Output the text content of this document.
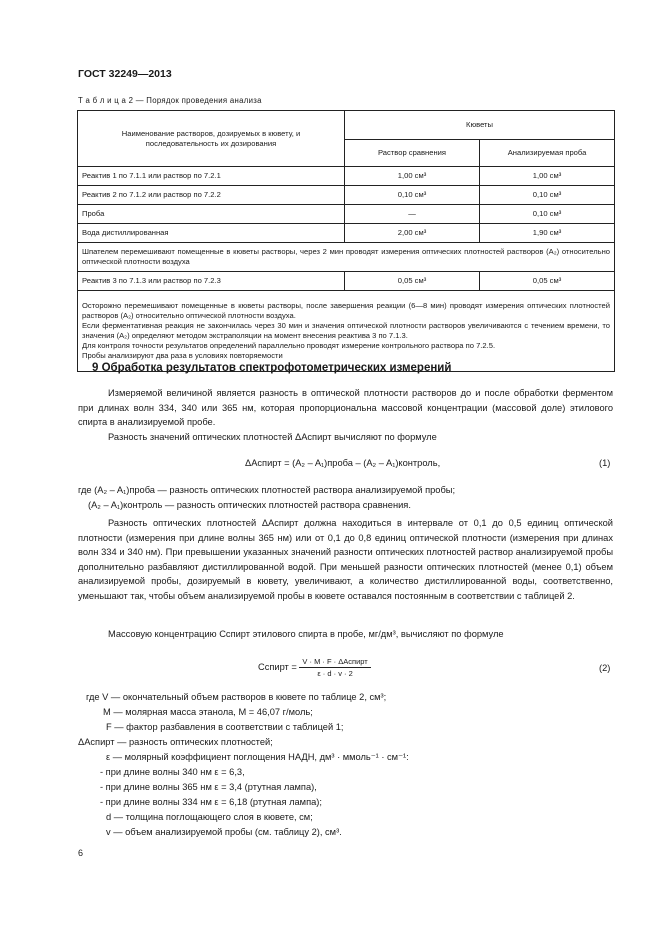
ГОСТ 32249—2013
Т а б л и ц а 2 — Порядок проведения анализа
Наименование растворов, дозируемых в кювету, и последовательность их дозирования	Кюветы	
	Раствор сравнения	Анализируемая проба
Реактив 1 по 7.1.1 или раствор по 7.2.1	1,00 см³	1,00 см³
Реактив 2 по 7.1.2 или раствор по 7.2.2	0,10 см³	0,10 см³
Проба	—	0,10 см³
Вода дистиллированная	2,00 см³	1,90 см³
Шпателем перемешивают помещенные в кюветы растворы, через 2 мин проводят измерения оптических плотностей растворов (A₂) относительно оптической плотности воздуха		
Реактив 3 по 7.1.3 или раствор по 7.2.3	0,05 см³	0,05 см³

Осторожно перемешивают помещенные в кюветы растворы, после завершения реакции (6—8 мин) проводят измерения оптических плотностей растворов (A₂) относительно оптической плотности воздуха.

Если ферментативная реакция не закончилась через 30 мин и значения оптической плотности растворов увеличиваются с течением времени, то значения (A₂) определяют методом экстраполяции на момент внесения реактива 3 по 7.1.3.

Для контроля точности результатов определений параллельно проводят измерение контрольного раствора по 7.2.5.

Пробы анализируют два раза в условиях повторяемости		

9 Обработка результатов спектрофотометрических измерений
Измеряемой величиной является разность в оптической плотности растворов до и после обработки ферментом при длинах волн 334, 340 или 365 нм, которая пропорциональна массовой концентрации (массовой доле) этилового спирта в анализируемой пробе.
Разность значений оптических плотностей ΔAспирт вычисляют по формуле
ΔAспирт = (A₂ – A₁)проба – (A₂ – A₁)контроль,	(1)
где (A₂ – A₁)проба — разность оптических плотностей раствора анализируемой пробы;
(A₂ – A₁)контроль — разность оптических плотностей раствора сравнения.
Разность оптических плотностей ΔAспирт должна находиться в интервале от 0,1 до 0,5 единиц оптической плотности (измерения при длине волны 365 нм) или от 0,1 до 0,8 единиц оптической плотности (измерения при длинах волн 334 и 340 нм). При превышении указанных значений разности оптических плотностей раствор анализируемой пробы дополнительно разбавляют дистиллированной водой. При меньшей разности оптических плотностей (менее 0,1) объем анализируемой пробы, дозируемый в кювету, увеличивают, а количество дистиллированной воды, соответственно, уменьшают так, чтобы объем анализируемой пробы в кювете оставался постоянным в соответствии с таблицей 2.
Массовую концентрацию Cспирт этилового спирта в пробе, мг/дм³, вычисляют по формуле
Cспирт = $\frac{\text{V · M · F · ΔAспирт}}{\varepsilon \cdot d \cdot v \cdot 2}$	(2)
где V — окончательный объем растворов в кювете по таблице 2, см³;
M — молярная масса этанола, M = 46,07 г/моль;
F — фактор разбавления в соответствии с таблицей 1;
ΔAспирт — разность оптических плотностей;
ε — молярный коэффициент поглощения НАДН, дм³ · ммоль⁻¹ · см⁻¹:
- при длине волны 340 нм ε = 6,3,
- при длине волны 365 нм ε = 3,4 (ртутная лампа),
- при длине волны 334 нм ε = 6,18 (ртутная лампа);
d — толщина поглощающего слоя в кювете, см;
v — объем анализируемой пробы (см. таблицу 2), см³.
6
